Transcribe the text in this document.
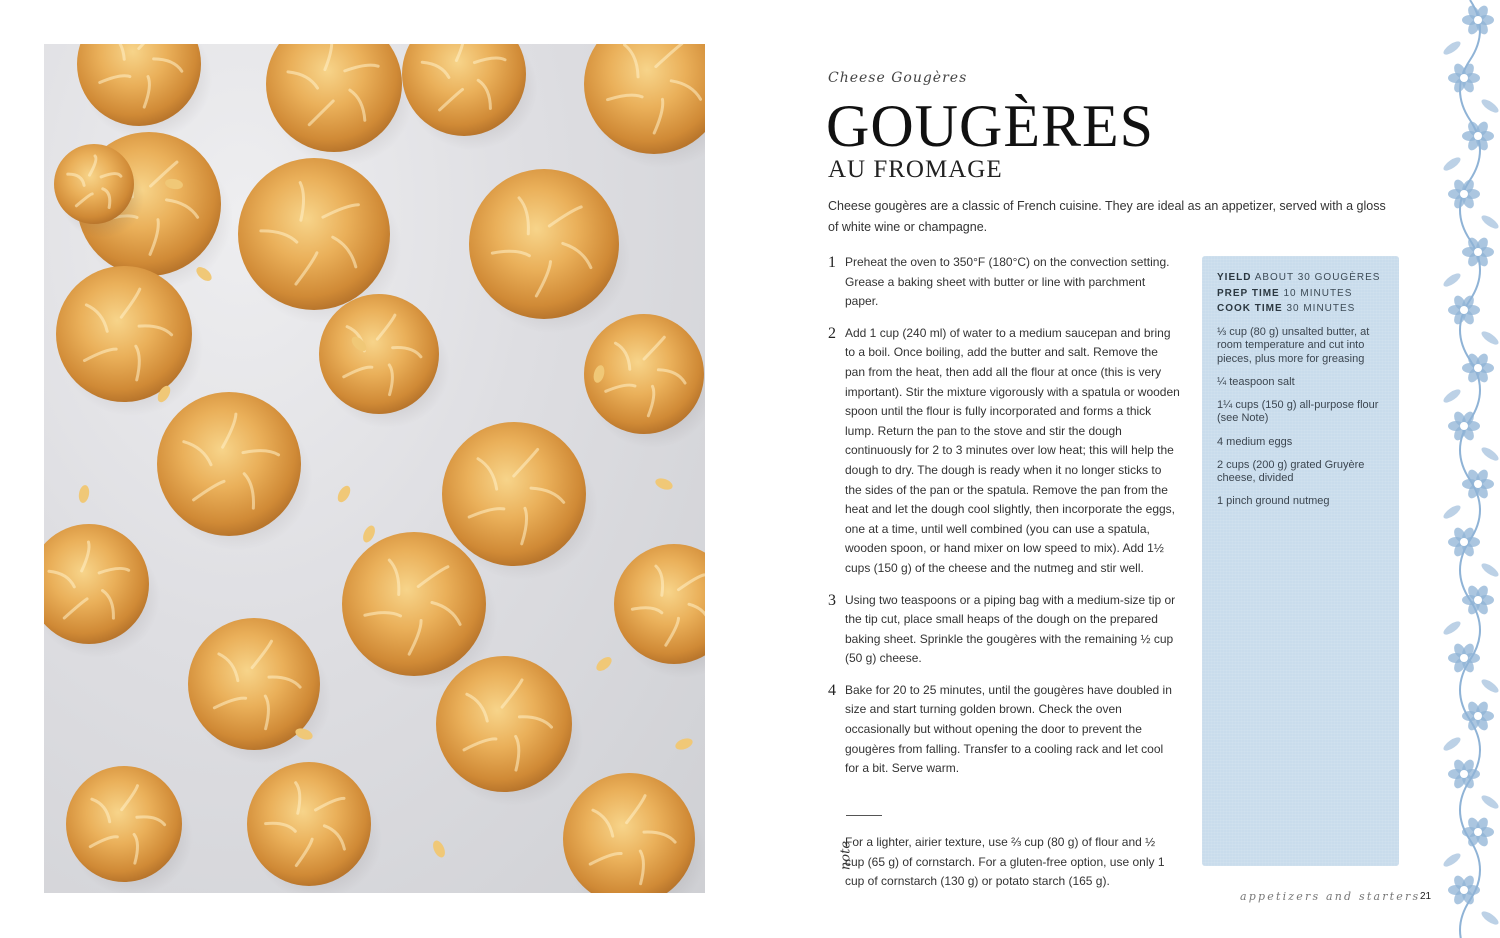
Cheese Gougères
GOUGÈRES
AU FROMAGE

Cheese gougères are a classic of French cuisine. They are ideal as an appetizer, served with a gloss of white wine or champagne.

1 Preheat the oven to 350°F (180°C) on the convection setting. Grease a baking sheet with butter or line with parchment paper.
2 Add 1 cup (240 ml) of water to a medium saucepan and bring to a boil. Once boiling, add the butter and salt. Remove the pan from the heat, then add all the flour at once (this is very important). Stir the mixture vigorously with a spatula or wooden spoon until the flour is fully incorporated and forms a thick lump. Return the pan to the stove and stir the dough continuously for 2 to 3 minutes over low heat; this will help the dough to dry. The dough is ready when it no longer sticks to the sides of the pan or the spatula. Remove the pan from the heat and let the dough cool slightly, then incorporate the eggs, one at a time, until well combined (you can use a spatula, wooden spoon, or hand mixer on low speed to mix). Add 1½ cups (150 g) of the cheese and the nutmeg and stir well.
3 Using two teaspoons or a piping bag with a medium-size tip or the tip cut, place small heaps of the dough on the prepared baking sheet. Sprinkle the gougères with the remaining ½ cup (50 g) cheese.
4 Bake for 20 to 25 minutes, until the gougères have doubled in size and start turning golden brown. Check the oven occasionally but without opening the door to prevent the gougères from falling. Transfer to a cooling rack and let cool for a bit. Serve warm.
note

For a lighter, airier texture, use ⅔ cup (80 g) of flour and ½ cup (65 g) of cornstarch. For a gluten-free option, use only 1 cup of cornstarch (130 g) or potato starch (165 g).

YIELD ABOUT 30 GOUGÈRES
PREP TIME 10 MINUTES
COOK TIME 30 MINUTES
⅓ cup (80 g) unsalted butter, at room temperature and cut into pieces, plus more for greasing
¼ teaspoon salt
1¼ cups (150 g) all-purpose flour (see Note)
4 medium eggs
2 cups (200 g) grated Gruyère cheese, divided
1 pinch ground nutmeg
appetizers and starters 21
